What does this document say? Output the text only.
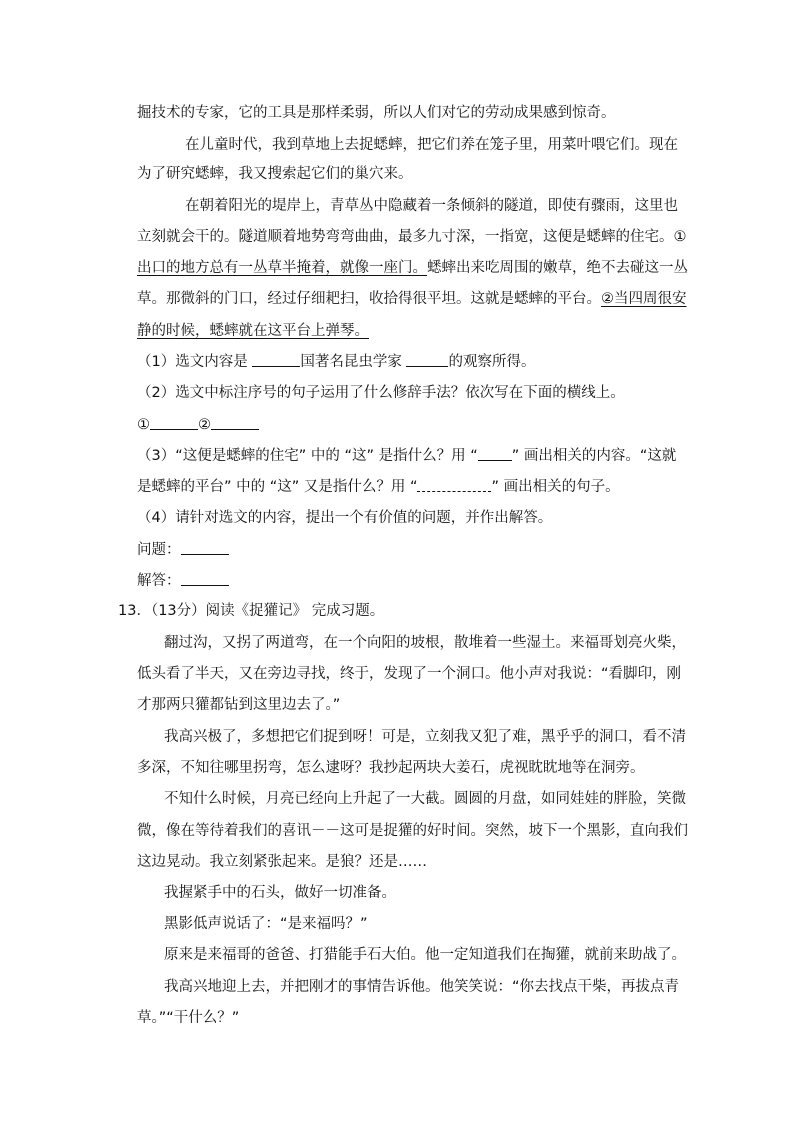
掘技术的专家，它的工具是那样柔弱，所以人们对它的劳动成果感到惊奇。
在儿童时代，我到草地上去捉蟋蟀，把它们养在笼子里，用菜叶喂它们。现在
为了研究蟋蟀，我又搜索起它们的巢穴来。
在朝着阳光的堤岸上，青草丛中隐藏着一条倾斜的隧道，即使有骤雨，这里也
立刻就会干的。隧道顺着地势弯弯曲曲，最多九寸深，一指宽，这便是蟋蟀的住宅。①
出口的地方总有一丛草半掩着，就像一座门。蟋蟀出来吃周围的嫩草，绝不去碰这一丛
草。那微斜的门口，经过仔细耙扫，收拾得很平坦。这就是蟋蟀的平台。②当四周很安
静的时候，蟋蟀就在这平台上弹琴。
（1）选文内容是	国著名昆虫学家	的观察所得。
（2）选文中标注序号的句子运用了什么修辞手法？依次写在下面的横线上。
①	②
（3）“这便是蟋蟀的住宅” 中的 “这” 是指什么？用 “ ” 画出相关的内容。“这就
是蟋蟀的平台” 中的 “这” 又是指什么？用 “	” 画出相关的句子。
（4）请针对选文的内容，提出一个有价值的问题，并作出解答。
问题：
解答：
13．（13分）阅读《捉獾记》 完成习题。
翻过沟，又拐了两道弯，在一个向阳的坡根，散堆着一些湿土。来福哥划亮火柴，
低头看了半天，又在旁边寻找，终于，发现了一个洞口。他小声对我说：“看脚印，刚
才那两只獾都钻到这里边去了。”
我高兴极了，多想把它们捉到呀！可是，立刻我又犯了难，黑乎乎的洞口，看不清
多深，不知往哪里拐弯，怎么逮呀？我抄起两块大姜石，虎视眈眈地等在洞旁。
不知什么时候，月亮已经向上升起了一大截。圆圆的月盘，如同娃娃的胖脸，笑微
微，像在等待着我们的喜讯－－这可是捉獾的好时间。突然，坡下一个黑影，直向我们
这边晃动。我立刻紧张起来。是狼？还是……
我握紧手中的石头，做好一切准备。
黑影低声说话了：“是来福吗？”
原来是来福哥的爸爸、打猎能手石大伯。他一定知道我们在掏獾，就前来助战了。
我高兴地迎上去，并把刚才的事情告诉他。他笑笑说：“你去找点干柴，再拔点青
草。”“干什么？”
